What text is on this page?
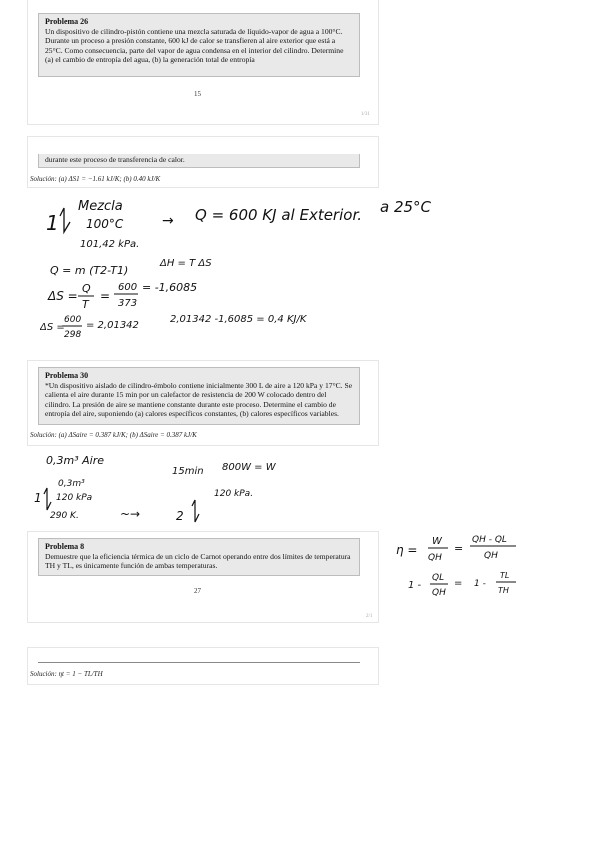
Problema 26
Un dispositivo de cilindro-pistón contiene una mezcla saturada de líquido-vapor de agua a 100°C. Durante un proceso a presión constante, 600 kJ de calor se transfieren al aire exterior que está a 25°C. Como consecuencia, parte del vapor de agua condensa en el interior del cilindro. Determine (a) el cambio de entropía del agua, (b) la generación total de entropía
15
1/31
durante este proceso de transferencia de calor.
Solución: (a) ΔS1 = −1.61 kJ/K; (b) 0.40 kJ/K
1
Mezcla
100°C
101,42 kPa.
→ Q = 600 KJ al Exterior. a 25°C
Q = m (T2-T1)
ΔH = T ΔS
ΔS =
Q
T
=
600
373
= -1,6085
ΔS =
600
298
= 2,01342
2,01342 -1,6085 = 0,4 KJ/K
Problema 30
*Un dispositivo aislado de cilindro-émbolo contiene inicialmente 300 L de aire a 120 kPa y 17°C. Se calienta el aire durante 15 min por un calefactor de resistencia de 200 W colocado dentro del cilindro. La presión de aire se mantiene constante durante este proceso. Determine el cambio de entropía del aire, suponiendo (a) calores específicos constantes, (b) calores específicos variables.
Solución: (a) ΔSaire = 0.387 kJ/K; (b) ΔSaire = 0.387 kJ/K
0,3m³ Aire
0,3m³
120 kPa
290 K.
1
15min 800W = W
120 kPa.
~→	2
Problema 8
Demuestre que la eficiencia térmica de un ciclo de Carnot operando entre dos límites de temperatura TH y TL, es únicamente función de ambas temperaturas.
27
2/1
Solución: ηt = 1 − TL/TH
η =
W
QH
=
QH - QL
QH
1 -
QL
QH
= 1 -
TL
TH
